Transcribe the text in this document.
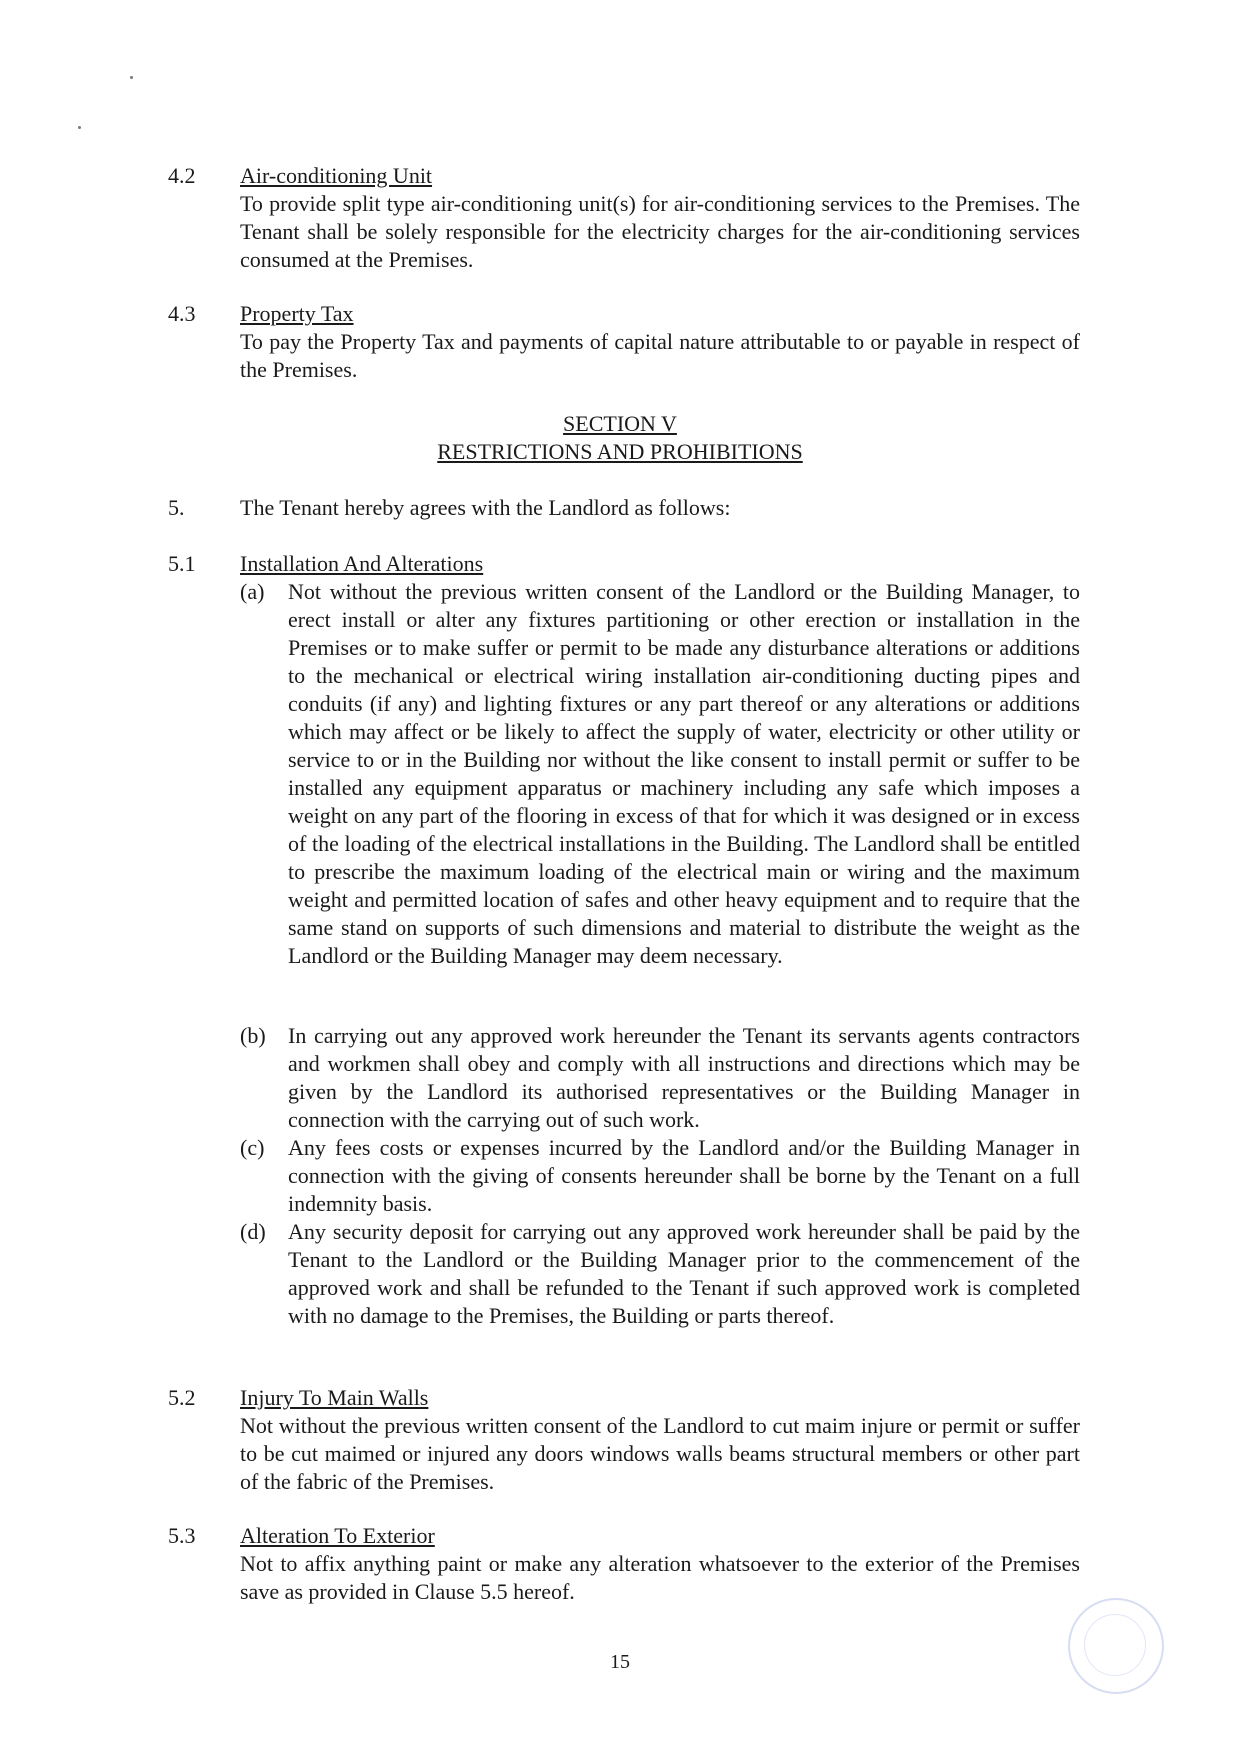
4.2 Air-conditioning Unit

To provide split type air-conditioning unit(s) for air-conditioning services to the Premises. The Tenant shall be solely responsible for the electricity charges for the air-conditioning services consumed at the Premises.

4.3 Property Tax

To pay the Property Tax and payments of capital nature attributable to or payable in respect of the Premises.

SECTION V
RESTRICTIONS AND PROHIBITIONS
5.	The Tenant hereby agrees with the Landlord as follows:
5.1 Installation And Alterations
(a) Not without the previous written consent of the Landlord or the Building Manager, to erect install or alter any fixtures partitioning or other erection or installation in the Premises or to make suffer or permit to be made any disturbance alterations or additions to the mechanical or electrical wiring installation air-conditioning ducting pipes and conduits (if any) and lighting fixtures or any part thereof or any alterations or additions which may affect or be likely to affect the supply of water, electricity or other utility or service to or in the Building nor without the like consent to install permit or suffer to be installed any equipment apparatus or machinery including any safe which imposes a weight on any part of the flooring in excess of that for which it was designed or in excess of the loading of the electrical installations in the Building. The Landlord shall be entitled to prescribe the maximum loading of the electrical main or wiring and the maximum weight and permitted location of safes and other heavy equipment and to require that the same stand on supports of such dimensions and material to distribute the weight as the Landlord or the Building Manager may deem necessary.

(b) In carrying out any approved work hereunder the Tenant its servants agents contractors and workmen shall obey and comply with all instructions and directions which may be given by the Landlord its authorised representatives or the Building Manager in connection with the carrying out of such work.

(c) Any fees costs or expenses incurred by the Landlord and/or the Building Manager in connection with the giving of consents hereunder shall be borne by the Tenant on a full indemnity basis.

(d) Any security deposit for carrying out any approved work hereunder shall be paid by the Tenant to the Landlord or the Building Manager prior to the commencement of the approved work and shall be refunded to the Tenant if such approved work is completed with no damage to the Premises, the Building or parts thereof.

5.2 Injury To Main Walls

Not without the previous written consent of the Landlord to cut maim injure or permit or suffer to be cut maimed or injured any doors windows walls beams structural members or other part of the fabric of the Premises.

5.3 Alteration To Exterior

Not to affix anything paint or make any alteration whatsoever to the exterior of the Premises save as provided in Clause 5.5 hereof.

15
